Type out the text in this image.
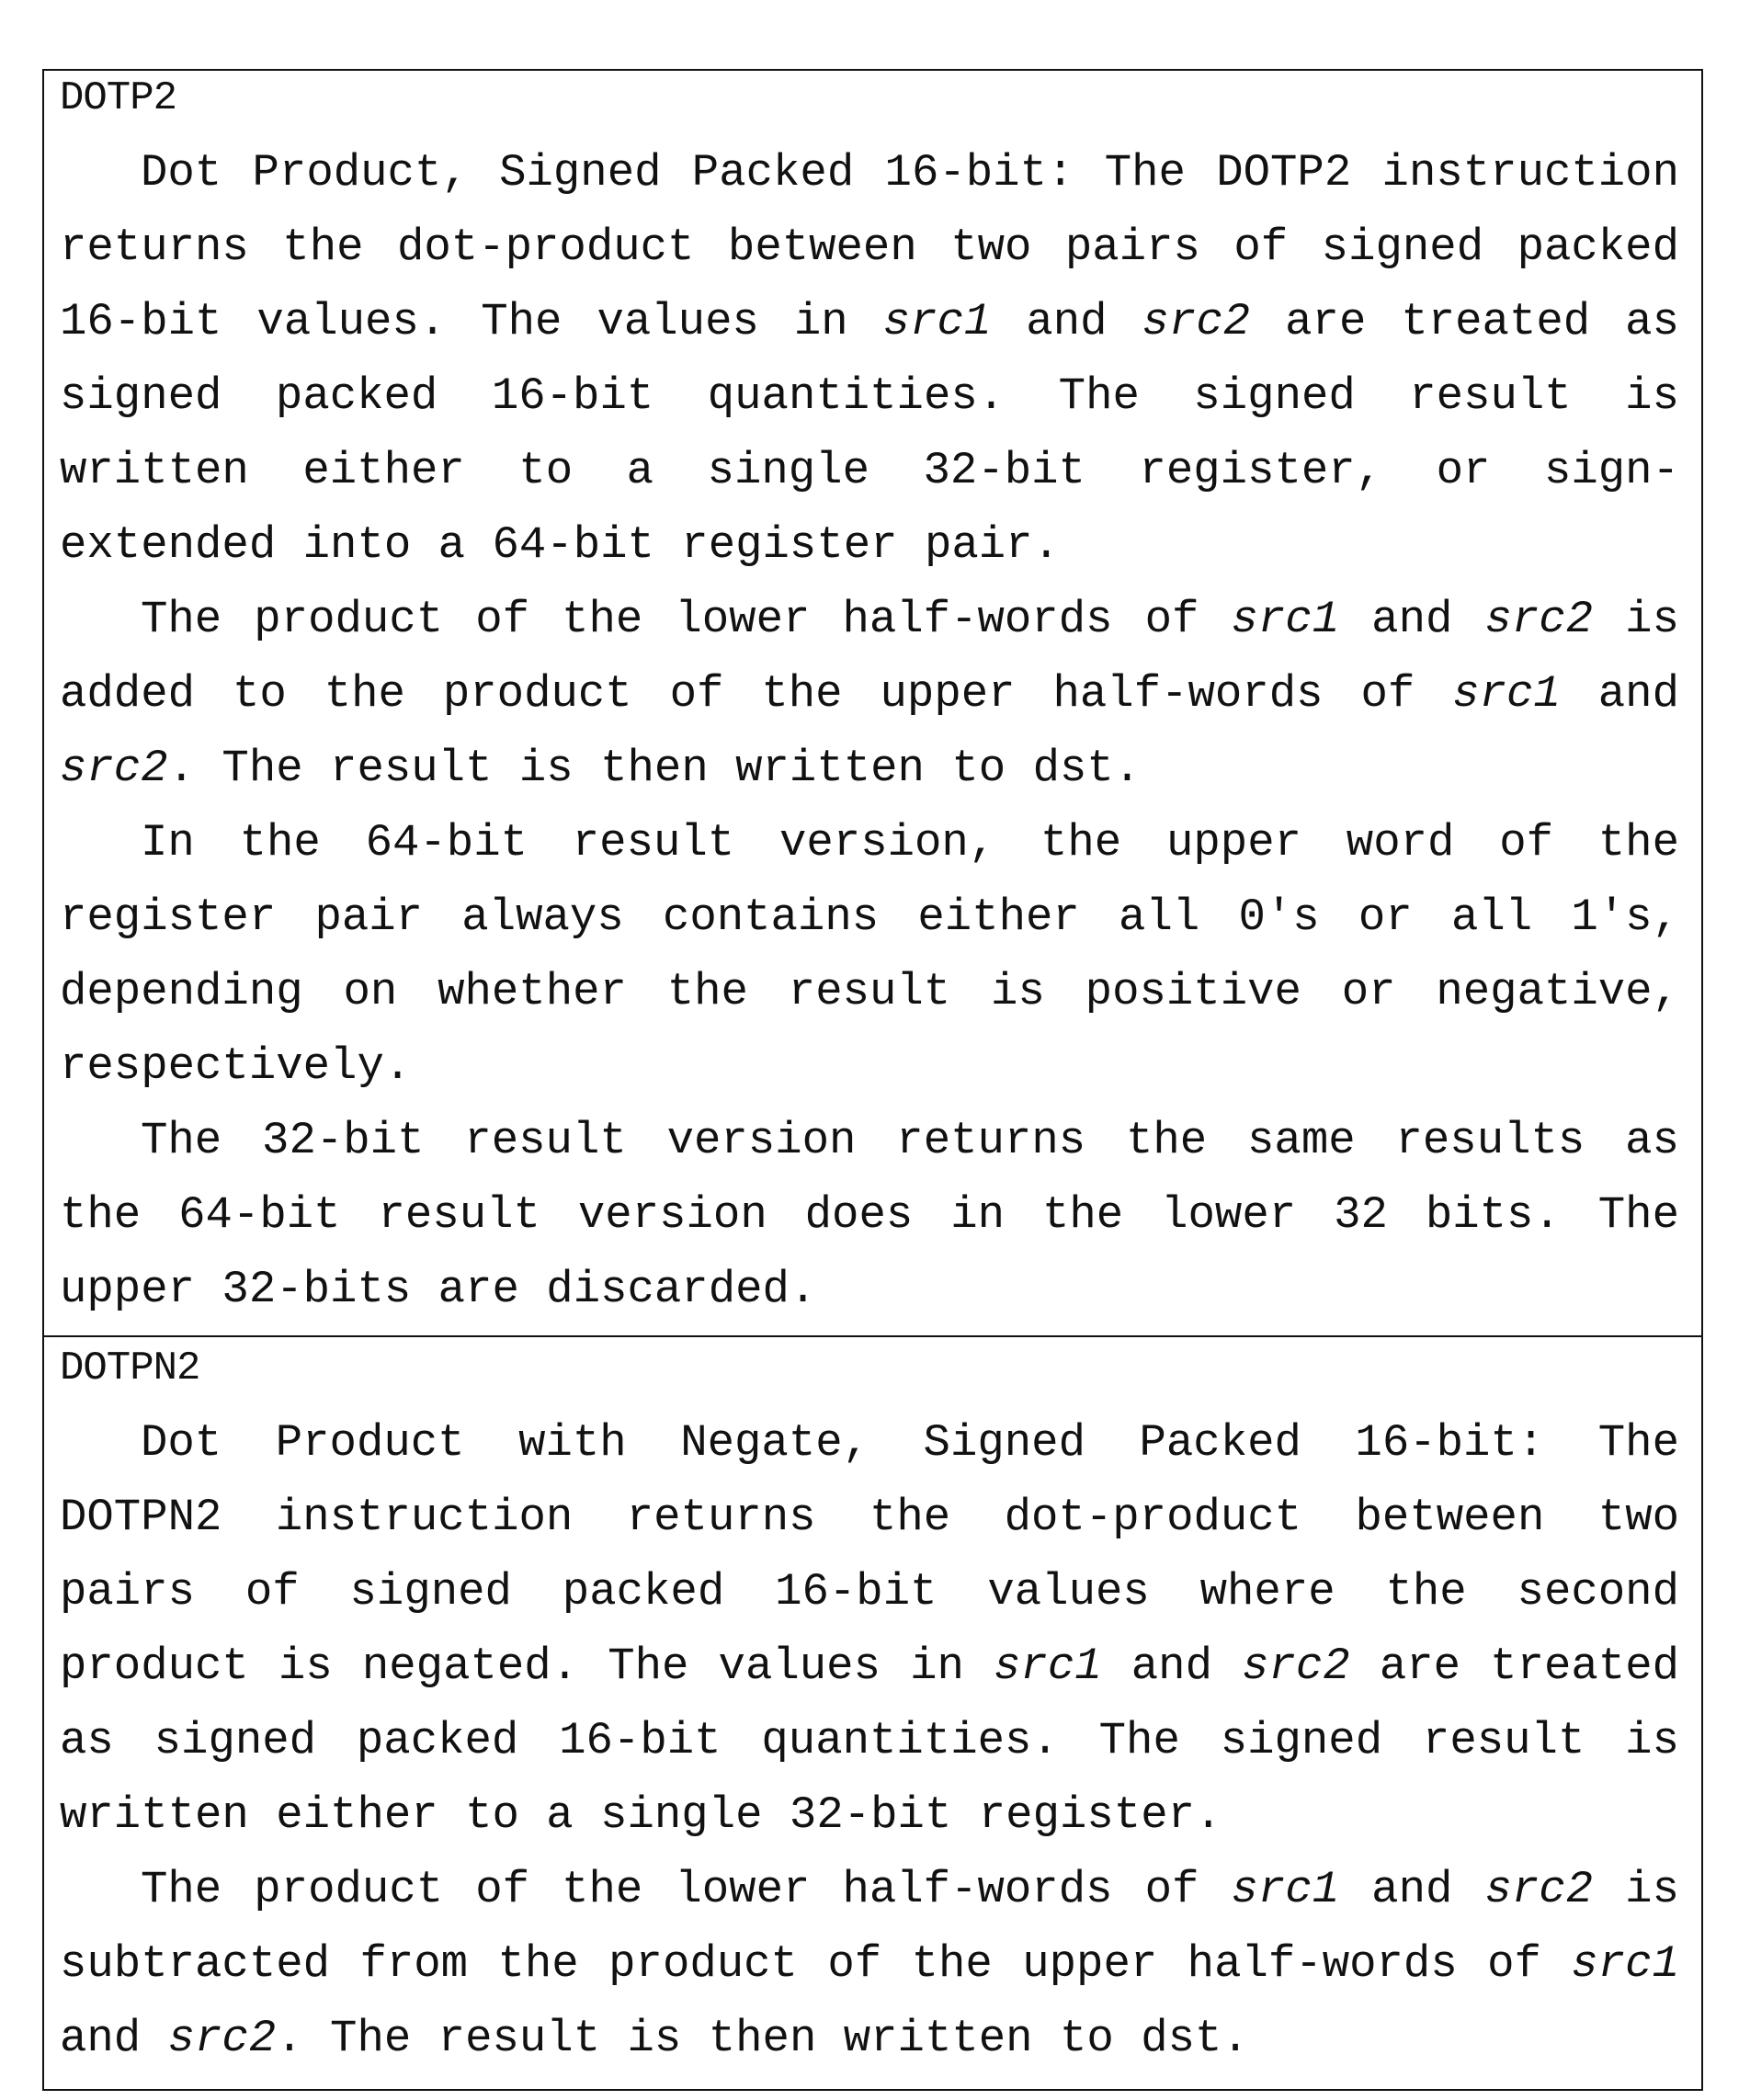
DOTP2
Dot Product, Signed Packed 16-bit: The DOTP2 instruction
returns the dot-product between two pairs of signed packed
16-bit values. The values in src1 and src2 are treated as
signed packed 16-bit quantities. The signed result is
written either to a single 32-bit register, or sign-
extended into a 64-bit register pair.
The product of the lower half-words of src1 and src2 is
added to the product of the upper half-words of src1 and
src2. The result is then written to dst.
In the 64-bit result version, the upper word of the
register pair always contains either all 0's or all 1's,
depending on whether the result is positive or negative,
respectively.
The 32-bit result version returns the same results as
the 64-bit result version does in the lower 32 bits. The
upper 32-bits are discarded.
DOTPN2
Dot Product with Negate, Signed Packed 16-bit: The
DOTPN2 instruction returns the dot-product between two
pairs of signed packed 16-bit values where the second
product is negated. The values in src1 and src2 are treated
as signed packed 16-bit quantities. The signed result is
written either to a single 32-bit register.
The product of the lower half-words of src1 and src2 is
subtracted from the product of the upper half-words of src1
and src2. The result is then written to dst.
